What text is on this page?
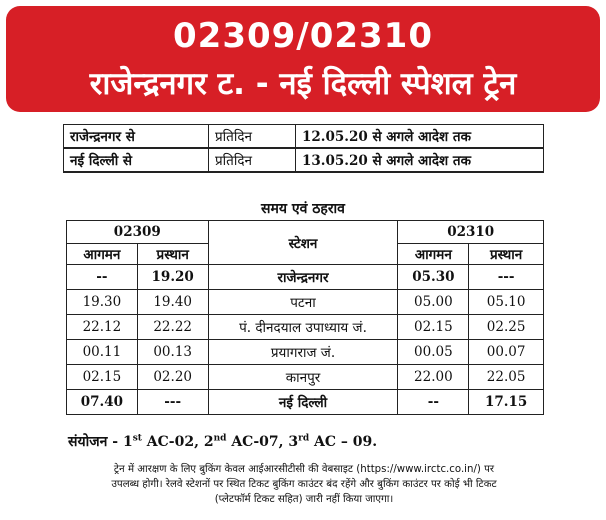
02309/02310
राजेन्द्रनगर ट. - नई दिल्ली स्पेशल ट्रेन
राजेन्द्रनगर से	प्रतिदिन	12.05.20 से अगले आदेश तक
नई दिल्ली से	प्रतिदिन	13.05.20 से अगले आदेश तक
समय एवं ठहराव
02309		स्टेशन	02310	
आगमन	प्रस्थान		आगमन	प्रस्थान
--	19.20	राजेन्द्रनगर	05.30	---
19.30	19.40	पटना	05.00	05.10
22.12	22.22	पं. दीनदयाल उपाध्याय जं.	02.15	02.25
00.11	00.13	प्रयागराज जं.	00.05	00.07
02.15	02.20	कानपुर	22.00	22.05
07.40	---	नई दिल्ली	--	17.15
संयोजन - 1st AC-02, 2nd AC-07, 3rd AC – 09.
ट्रेन में आरक्षण के लिए बुकिंग केवल आईआरसीटीसी की वेबसाइट (https://www.irctc.co.in/) पर
उपलब्ध होगी। रेलवे स्टेशनों पर स्थित टिकट बुकिंग काउंटर बंद रहेंगे और बुकिंग काउंटर पर कोई भी टिकट
(प्लेटफॉर्म टिकट सहित) जारी नहीं किया जाएगा।
